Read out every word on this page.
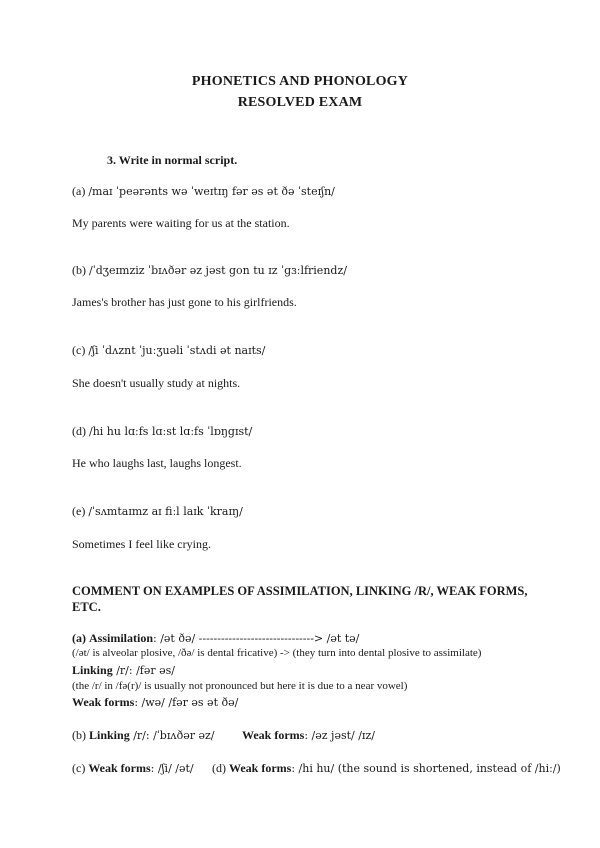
PHONETICS AND PHONOLOGY
RESOLVED EXAM
3. Write in normal script.
(a) /maɪ ˈpeərənts wə ˈweɪtɪŋ fər əs ət ðə ˈsteɪʃn/
My parents were waiting for us at the station.
(b) /ˈdʒeɪmziz ˈbɪʌðər əz jəst gon tu ɪz ˈgɜːlfriendz/
James's brother has just gone to his girlfriends.
(c) /ʃi ˈdʌznt ˈjuːʒuəli ˈstʌdi ət naɪts/
She doesn't usually study at nights.
(d) /hi hu lɑːfs lɑːst lɑːfs ˈlɒŋgɪst/
He who laughs last, laughs longest.
(e) /ˈsʌmtaɪmz aɪ fiːl laɪk ˈkraɪŋ/
Sometimes I feel like crying.
COMMENT ON EXAMPLES OF ASSIMILATION, LINKING /R/, WEAK FORMS,
ETC.
(a) Assimilation: /ət ðə/ -------------------------------> /ət tə/
(/ət/ is alveolar plosive, /ðə/ is dental fricative) -> (they turn into dental plosive to assimilate)
Linking /r/: /fər əs/
(the /r/ in /fə(r)/ is usually not pronounced but here it is due to a near vowel)
Weak forms: /wə/ /fər əs ət ðə/
(b) Linking /r/: /ˈbɪʌðər əz/ Weak forms: /əz jəst/ /ɪz/
(c) Weak forms: /ʃi/ /ət/ (d) Weak forms: /hi hu/ (the sound is shortened, instead of /hiː/)
